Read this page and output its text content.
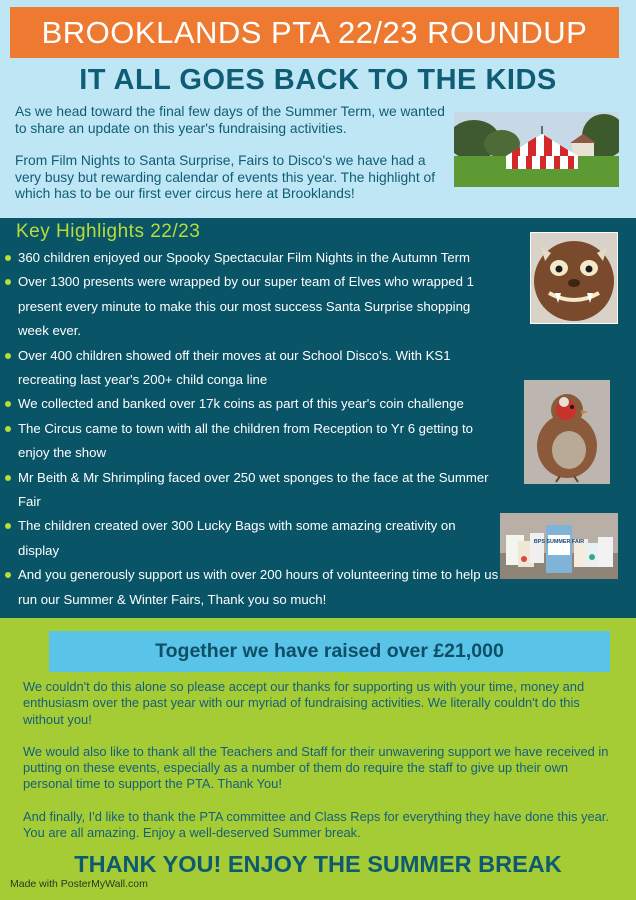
BROOKLANDS PTA 22/23 ROUNDUP
IT ALL GOES BACK TO THE KIDS

As we head toward the final few days of the Summer Term, we wanted to share an update on this year's fundraising activities.

From Film Nights to Santa Surprise, Fairs to Disco's we have had a very busy but rewarding calendar of events this year. The highlight of which has to be our first ever circus here at Brooklands!

Key Highlights 22/23
360 children enjoyed our Spooky Spectacular Film Nights in the Autumn Term
Over 1300 presents were wrapped by our super team of Elves who wrapped 1 present every minute to make this our most success Santa Surprise shopping week ever.
Over 400 children showed off their moves at our School Disco's. With KS1 recreating last year's 200+ child conga line
We collected and banked over 17k coins as part of this year's coin challenge
The Circus came to town with all the children from Reception to Yr 6 getting to enjoy the show
Mr Beith & Mr Shrimpling faced over 250 wet sponges to the face at the Summer Fair
The children created over 300 Lucky Bags with some amazing creativity on display
And you generously support us with over 200 hours of volunteering time to help us run our Summer & Winter Fairs, Thank you so much!
BPS SUMMER FAIR
Together we have raised over £21,000

We couldn't do this alone so please accept our thanks for supporting us with your time, money and enthusiasm over the past year with our myriad of fundraising activities. We literally couldn't do this without you!

We would also like to thank all the Teachers and Staff for their unwavering support we have received in putting on these events, especially as a number of them do require the staff to give up their own personal time to support the PTA. Thank You!

And finally, I'd like to thank the PTA committee and Class Reps for everything they have done this year. You are all amazing. Enjoy a well-deserved Summer break.

THANK YOU! ENJOY THE SUMMER BREAK
Made with PosterMyWall.com
